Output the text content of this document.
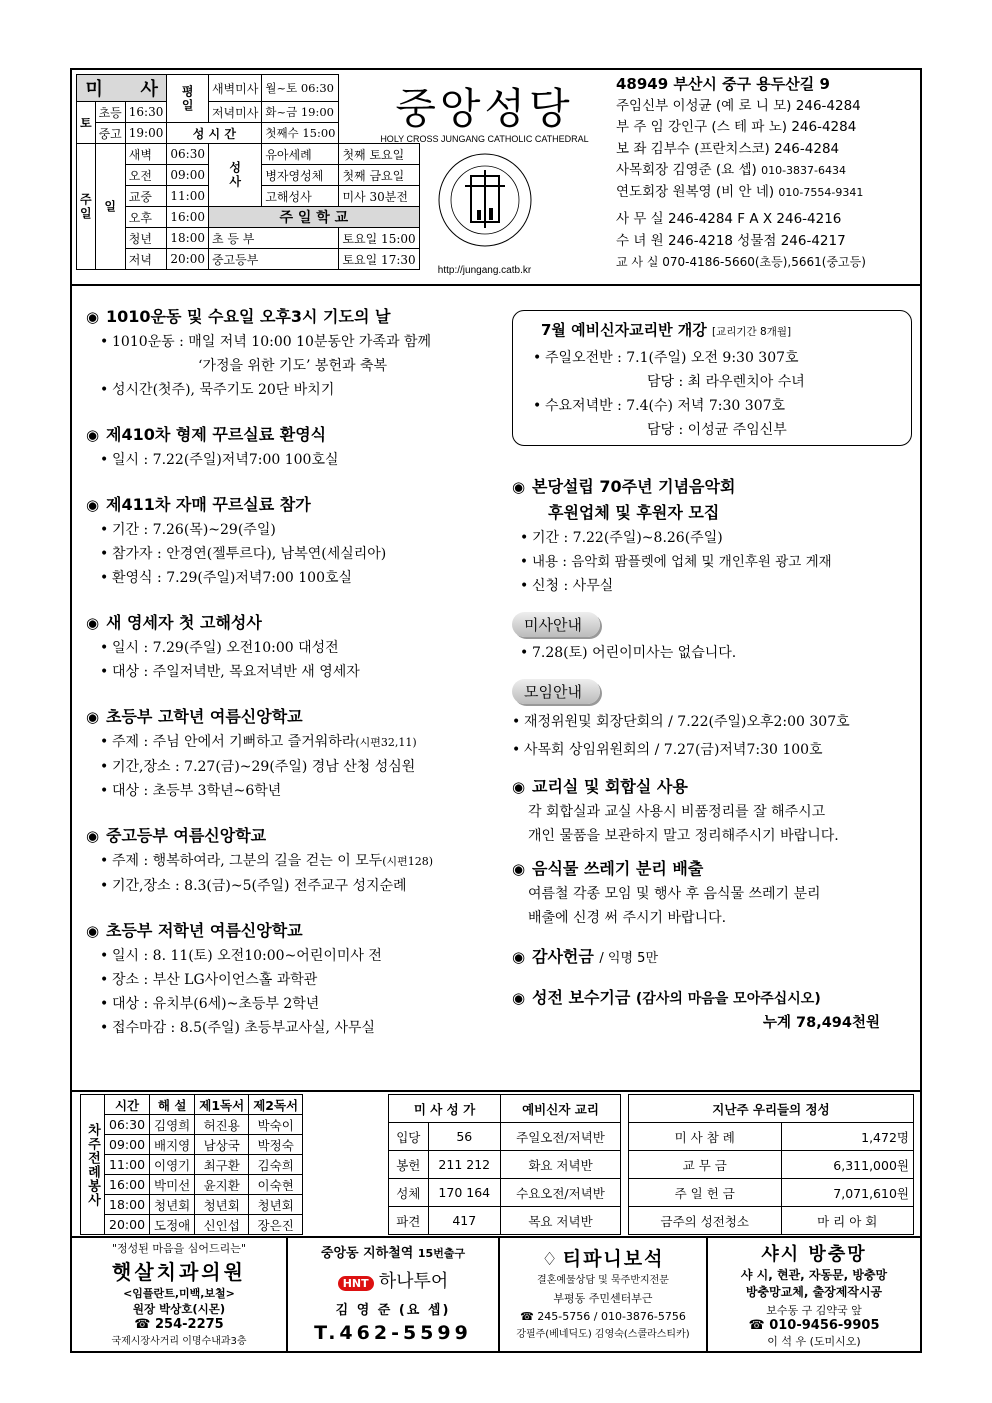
미 사			평일	새벽미사	월~토 06:30	
토	초등	16:30		저녁미사	화~금 19:00	
	중고	19:00	성 시 간		첫째수 15:00	
주일	일	새벽	06:30	성사	유아세례	첫째 토요일
		오전	09:00		병자영성체	첫째 금요일
		교중	11:00		고해성사	미사 30분전
		오후	16:00	주 일 학 교		
		청년	18:00	초 등 부		토요일 15:00
		저녁	20:00	중고등부		토요일 17:30
중앙성당
HOLY CROSS JUNGANG CATHOLIC CATHEDRAL
http://jungang.catb.kr
48949 부산시 중구 용두산길 9
주임신부 이성균 (예 로 니 모) 246-4284
부 주 임 강인구 (스 테 파 노) 246-4284
보 좌 김부수 (프란치스코) 246-4284
사목회장 김영준 (요 셉) 010-3837-6434
연도회장 원복영 (비 안 네) 010-7554-9341
사 무 실 246-4284 F A X 246-4216
수 녀 원 246-4218 성물점 246-4217
교 사 실 070-4186-5660(초등),5661(중고등)
◉ 1010운동 및 수요일 오후3시 기도의 날
• 1010운동 : 매일 저녁 10:00 10분동안 가족과 함께
‘가정을 위한 기도’ 봉헌과 축복
• 성시간(첫주), 묵주기도 20단 바치기
◉ 제410차 형제 꾸르실료 환영식
• 일시 : 7.22(주일)저녁7:00 100호실
◉ 제411차 자매 꾸르실료 참가
• 기간 : 7.26(목)~29(주일)
• 참가자 : 안경연(젤투르다), 남복연(세실리아)
• 환영식 : 7.29(주일)저녁7:00 100호실
◉ 새 영세자 첫 고해성사
• 일시 : 7.29(주일) 오전10:00 대성전
• 대상 : 주일저녁반, 목요저녁반 새 영세자
◉ 초등부 고학년 여름신앙학교
• 주제 : 주님 안에서 기뻐하고 즐거워하라(시편32,11)
• 기간,장소 : 7.27(금)~29(주일) 경남 산청 성심원
• 대상 : 초등부 3학년~6학년
◉ 중고등부 여름신앙학교
• 주제 : 행복하여라, 그분의 길을 걷는 이 모두(시편128)
• 기간,장소 : 8.3(금)~5(주일) 전주교구 성지순례
◉ 초등부 저학년 여름신앙학교
• 일시 : 8. 11(토) 오전10:00~어린이미사 전
• 장소 : 부산 LG사이언스홀 과학관
• 대상 : 유치부(6세)~초등부 2학년
• 접수마감 : 8.5(주일) 초등부교사실, 사무실
7월 예비신자교리반 개강 [교리기간 8개월]
• 주일오전반 : 7.1(주일) 오전 9:30 307호
담당 : 최 라우렌치아 수녀
• 수요저녁반 : 7.4(수) 저녁 7:30 307호
담당 : 이성균 주임신부
◉ 본당설립 70주년 기념음악회
후원업체 및 후원자 모집
• 기간 : 7.22(주일)~8.26(주일)
• 내용 : 음악회 팜플렛에 업체 및 개인후원 광고 게재
• 신청 : 사무실
미사안내
• 7.28(토) 어린이미사는 없습니다.
모임안내
• 재정위원및 회장단회의 / 7.22(주일)오후2:00 307호
• 사목회 상임위원회의 / 7.27(금)저녁7:30 100호
◉ 교리실 및 회합실 사용
각 회합실과 교실 사용시 비품정리를 잘 해주시고
개인 물품을 보관하지 말고 정리해주시기 바랍니다.
◉ 음식물 쓰레기 분리 배출
여름철 각종 모임 및 행사 후 음식물 쓰레기 분리
배출에 신경 써 주시기 바랍니다.
◉ 감사헌금 / 익명 5만
◉ 성전 보수기금 (감사의 마음을 모아주십시오)
누계 78,494천원
차주전례봉사	시간	해 설	제1독서	제2독서
	06:30	김영희	허진용	박숙이
	09:00	배지영	남상국	박정숙
	11:00	이영기	최구환	김숙희
	16:00	박미선	윤지환	이숙현
	18:00	청년회	청년회	청년회
	20:00	도정애	신인섭	장은진
미 사 성 가		예비신자 교리
입당	56	주일오전/저녁반
봉헌	211 212	화요 저녁반
성체	170 164	수요오전/저녁반
파견	417	목요 저녁반
지난주 우리들의 정성	
미 사 참 례	1,472명
교 무 금	6,311,000원
주 일 헌 금	7,071,610원
금주의 성전청소	마 리 아 회
"정성된 마음을 심어드리는"
햇살치과의원
<임플란트,미백,보철>
원장 박상호(시몬)
☎ 254-2275
국제시장사거리 이명수내과3층
중앙동 지하철역 15번출구
HNT 하나투어
김 영 준 (요 셉)
T.462-5599
♢ 티파니보석
결혼예물상담 및 묵주반지전문
부평동 주민센터부근
☎ 245-5756 / 010-3876-5756
강필주(베네딕도) 김영숙(스콜라스티카)
샤시 방충망
샤 시, 현관, 자동문, 방충망
방충망교체, 출장제작시공
보수동 구 김약국 앞
☎ 010-9456-9905
이 석 우 (도미시오)
